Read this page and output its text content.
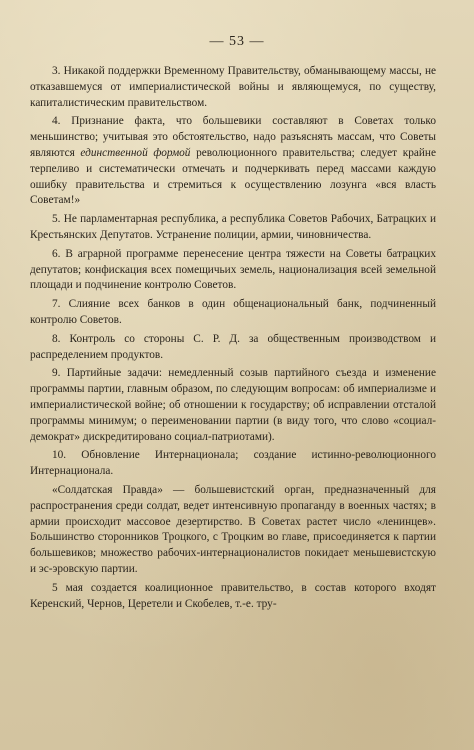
— 53 —

3. Никакой поддержки Временному Правительству, обманывающему массы, не отказавшемуся от империалистической войны и являющемуся, по существу, капиталистическим правительством.

4. Признание факта, что большевики составляют в Советах только меньшинство; учитывая это обстоятельство, надо разъяснять массам, что Советы являются единственной формой революционного правительства; следует крайне терпеливо и систематически отмечать и подчеркивать перед массами каждую ошибку правительства и стремиться к осуществлению лозунга «вся власть Советам!»

5. Не парламентарная республика, а республика Советов Рабочих, Батрацких и Крестьянских Депутатов. Устранение полиции, армии, чиновничества.

6. В аграрной программе перенесение центра тяжести на Советы батрацких депутатов; конфискация всех помещичьих земель, национализация всей земельной площади и подчинение контролю Советов.

7. Слияние всех банков в один общенациональный банк, подчиненный контролю Советов.

8. Контроль со стороны С. Р. Д. за общественным производством и распределением продуктов.

9. Партийные задачи: немедленный созыв партийного съезда и изменение программы партии, главным образом, по следующим вопросам: об империализме и империалистической войне; об отношении к государству; об исправлении отсталой программы минимум; о переименовании партии (в виду того, что слово «социал-демократ» дискредитировано социал-патриотами).

10. Обновление Интернационала; создание истинно-революционного Интернационала.

«Солдатская Правда» — большевистский орган, предназначенный для распространения среди солдат, ведет интенсивную пропаганду в военных частях; в армии происходит массовое дезертирство. В Советах растет число «ленинцев». Большинство сторонников Троцкого, с Троцким во главе, присоединяется к партии большевиков; множество рабочих-интернационалистов покидает меньшевистскую и эс-эровскую партии.

5 мая создается коалиционное правительство, в состав которого входят Керенский, Чернов, Церетели и Скобелев, т.-е. тру-
